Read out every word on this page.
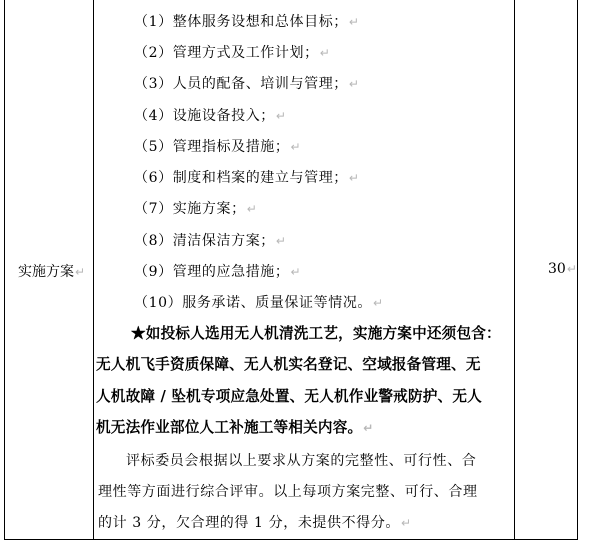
实施方案↵
（1）整体服务设想和总体目标；↵
（2）管理方式及工作计划；↵
（3）人员的配备、培训与管理；↵
（4）设施设备投入；↵
（5）管理指标及措施；↵
（6）制度和档案的建立与管理；↵
（7）实施方案；↵
（8）清洁保洁方案；↵
（9）管理的应急措施；↵
（10）服务承诺、质量保证等情况。↵
★如投标人选用无人机清洗工艺，实施方案中还须包含：
无人机飞手资质保障、无人机实名登记、空域报备管理、无
人机故障 / 坠机专项应急处置、无人机作业警戒防护、无人
机无法作业部位人工补施工等相关内容。↵
评标委员会根据以上要求从方案的完整性、可行性、合
理性等方面进行综合评审。以上每项方案完整、可行、合理
的计 3 分，欠合理的得 1 分，未提供不得分。↵
30↵
